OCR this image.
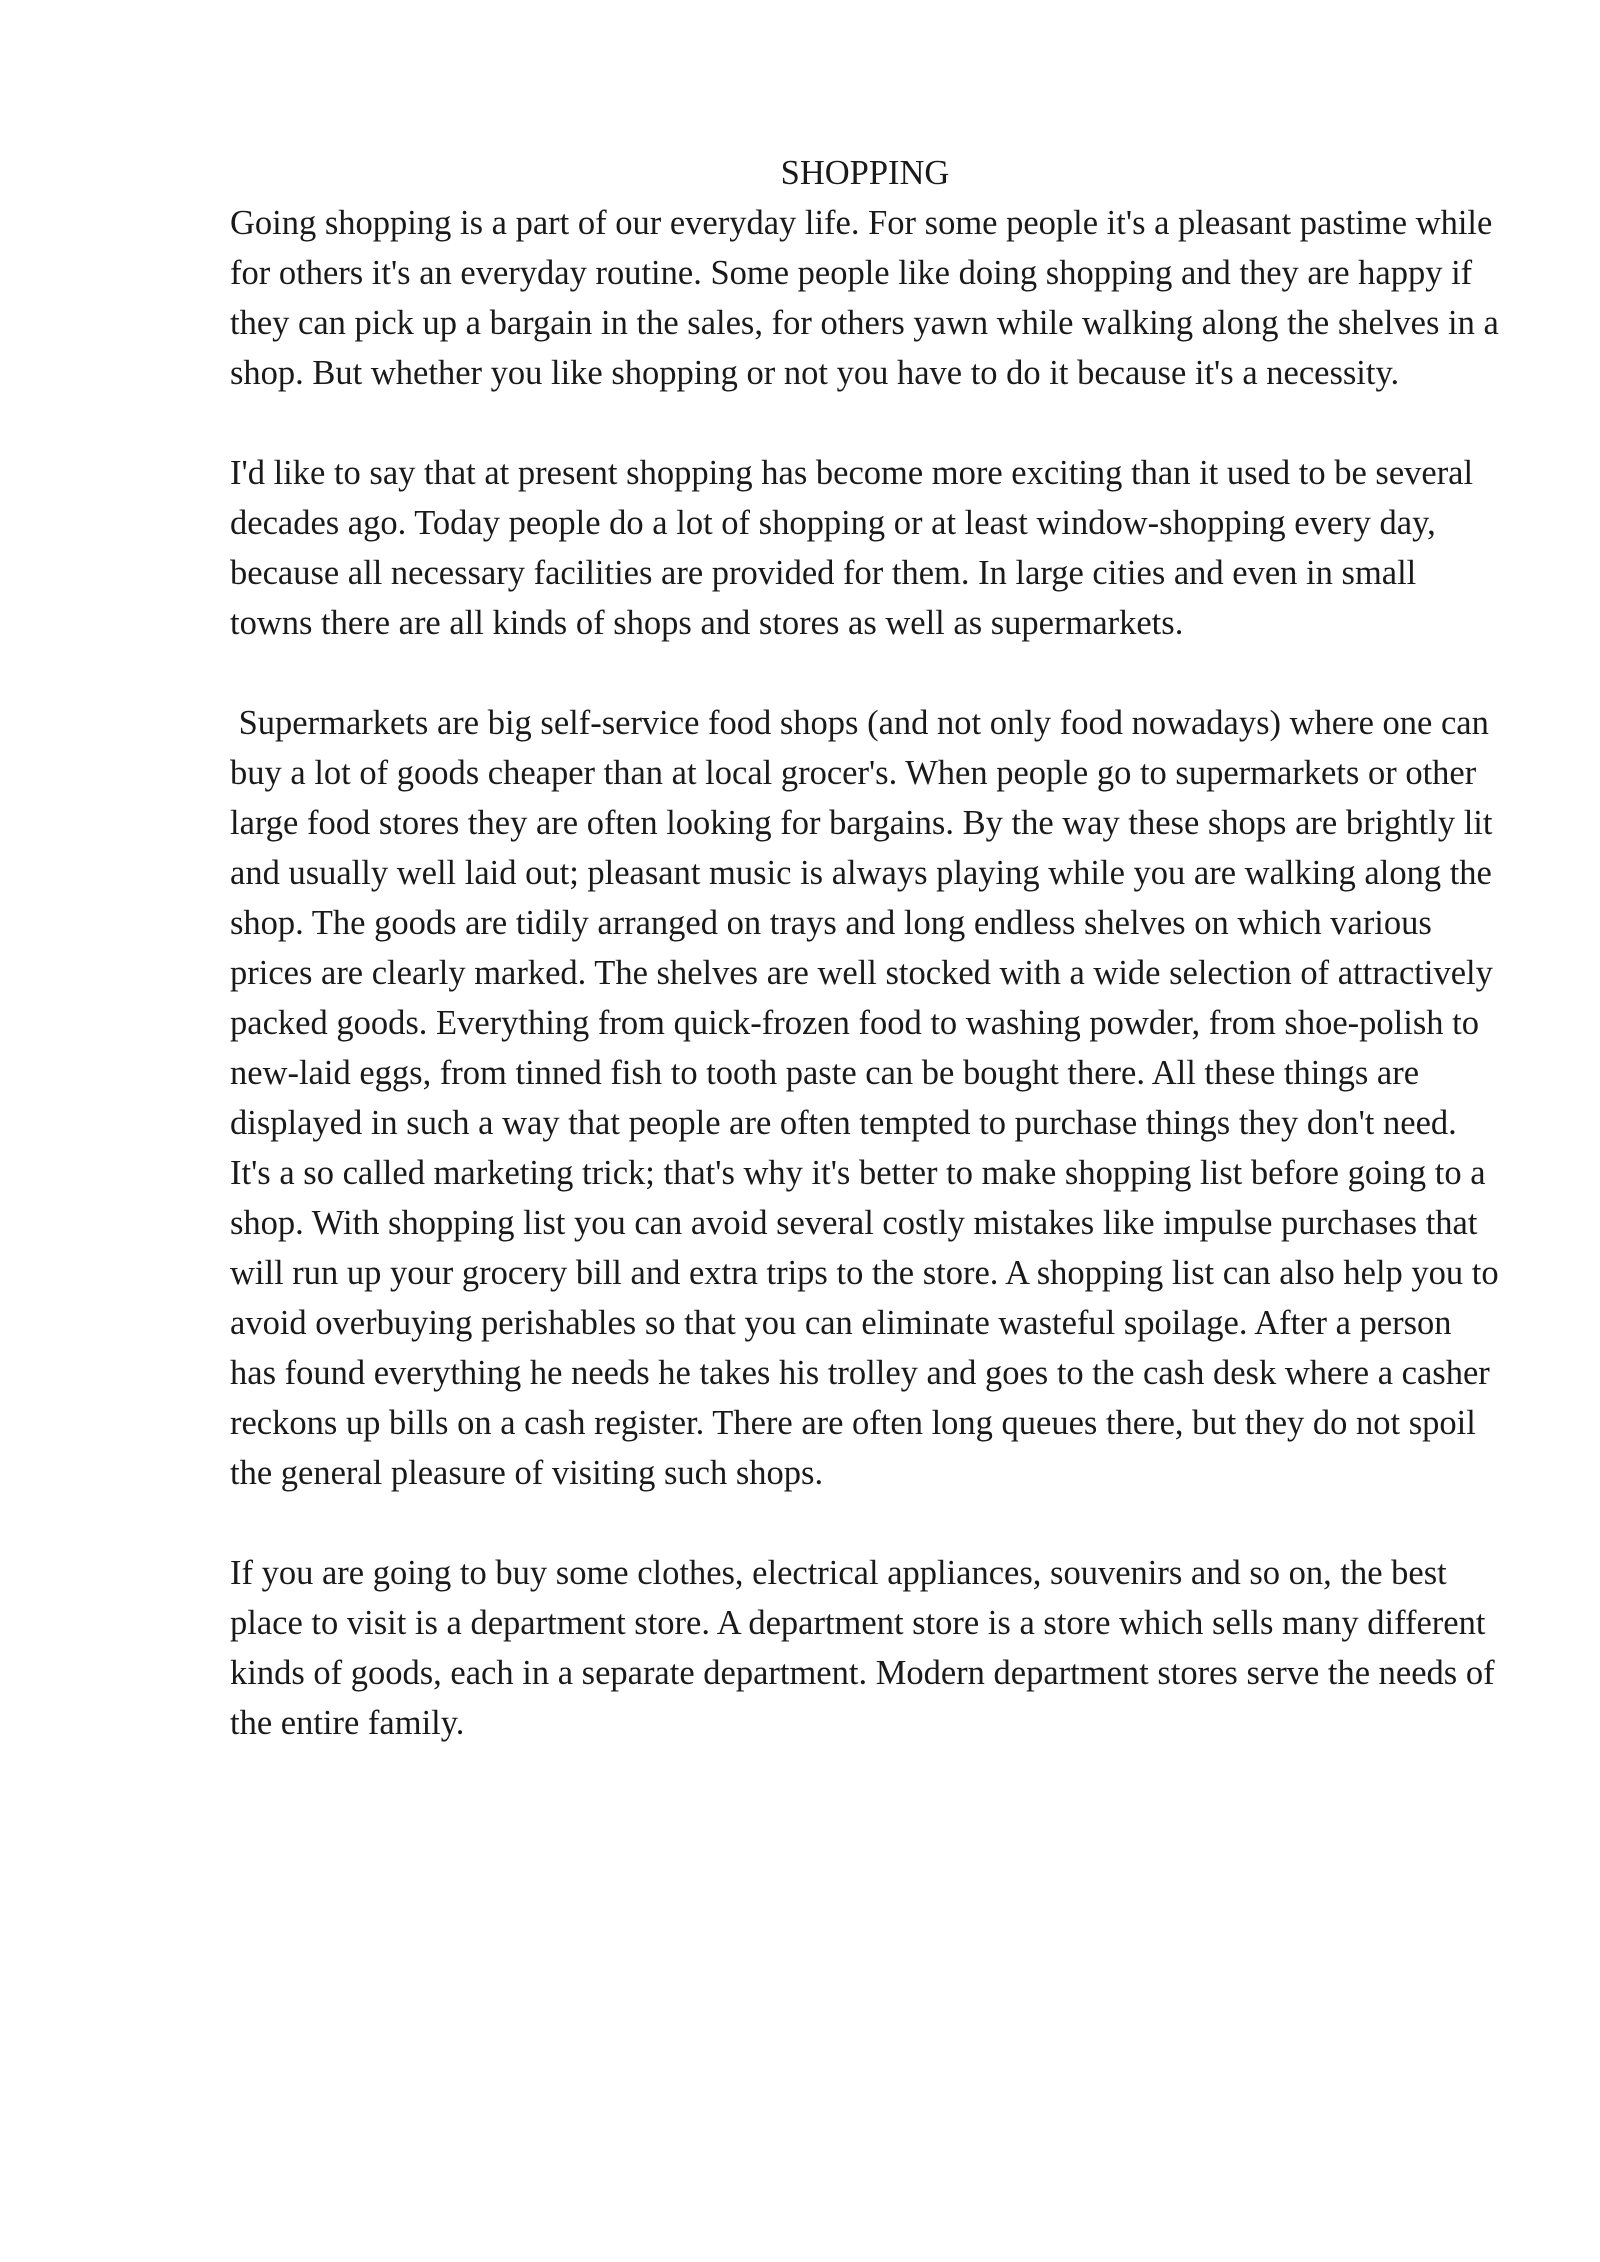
SHOPPING

Going shopping is a part of our everyday life. For some people it's a pleasant pastime while for others it's an everyday routine. Some people like doing shopping and they are happy if they can pick up a bargain in the sales, for others yawn while walking along the shelves in a shop. But whether you like shopping or not you have to do it because it's a necessity.

I'd like to say that at present shopping has become more exciting than it used to be several decades ago. Today people do a lot of shopping or at least window-shopping every day, because all necessary facilities are provided for them. In large cities and even in small towns there are all kinds of shops and stores as well as supermarkets.

Supermarkets are big self-service food shops (and not only food nowadays) where one can buy a lot of goods cheaper than at local grocer's. When people go to supermarkets or other large food stores they are often looking for bargains. By the way these shops are brightly lit and usually well laid out; pleasant music is always playing while you are walking along the shop. The goods are tidily arranged on trays and long endless shelves on which various prices are clearly marked. The shelves are well stocked with a wide selection of attractively packed goods. Everything from quick-frozen food to washing powder, from shoe-polish to new-laid eggs, from tinned fish to tooth paste can be bought there. All these things are displayed in such a way that people are often tempted to purchase things they don't need. It's a so called marketing trick; that's why it's better to make shopping list before going to a shop. With shopping list you can avoid several costly mistakes like impulse purchases that will run up your grocery bill and extra trips to the store. A shopping list can also help you to avoid overbuying perishables so that you can eliminate wasteful spoilage. After a person has found everything he needs he takes his trolley and goes to the cash desk where a casher reckons up bills on a cash register. There are often long queues there, but they do not spoil the general pleasure of visiting such shops.

If you are going to buy some clothes, electrical appliances, souvenirs and so on, the best place to visit is a department store. A department store is a store which sells many different kinds of goods, each in a separate department. Modern department stores serve the needs of the entire family.
